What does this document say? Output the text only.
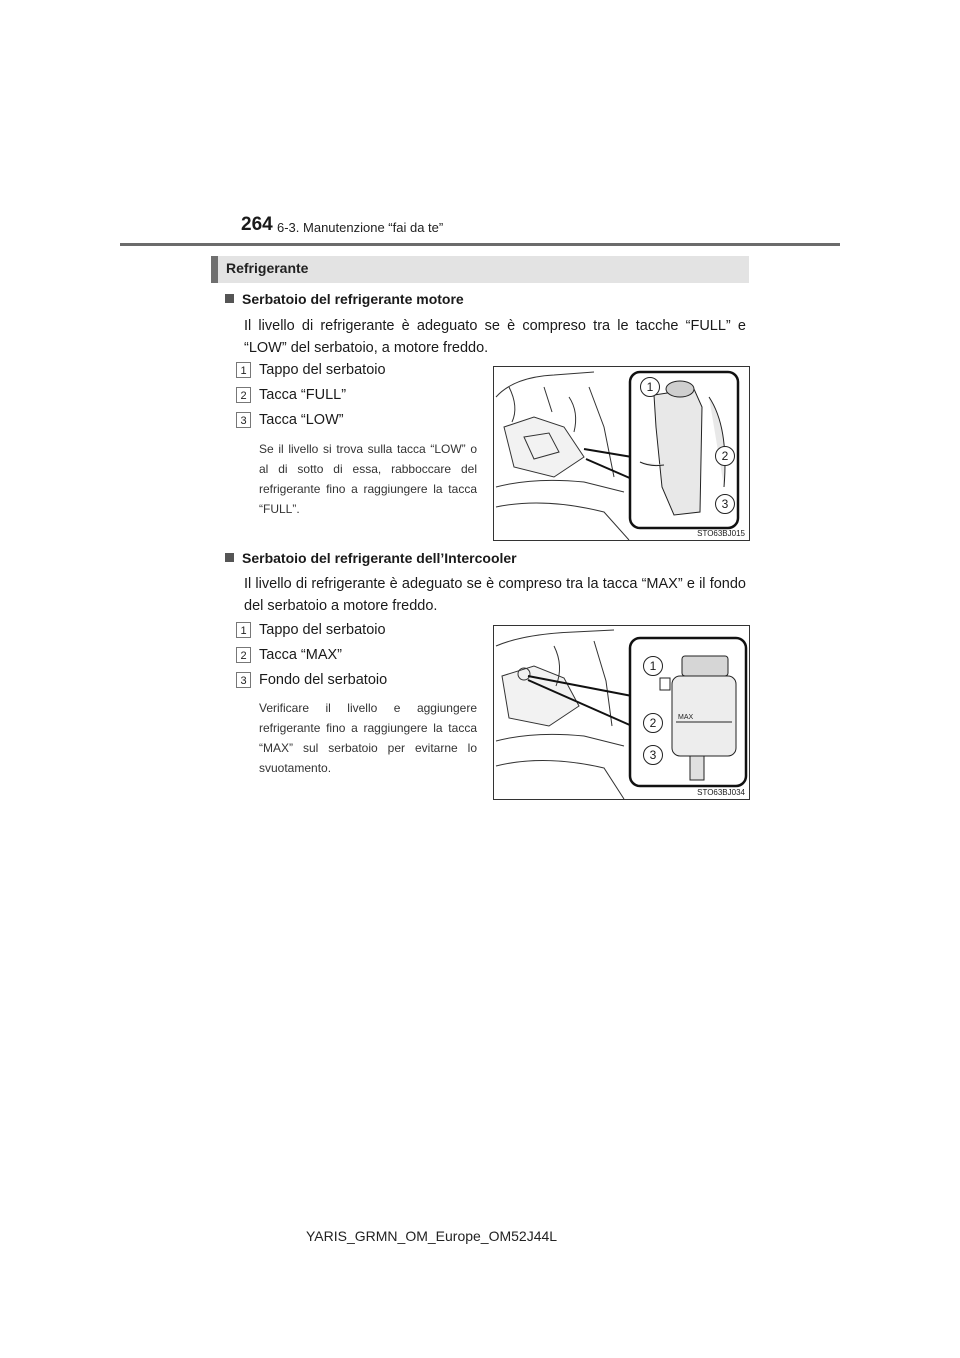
264 6-3. Manutenzione “fai da te”
Refrigerante
Serbatoio del refrigerante motore
Il livello di refrigerante è adeguato se è compreso tra le tacche “FULL” e “LOW” del serbatoio, a motore freddo.
1 Tappo del serbatoio
2 Tacca “FULL”
3 Tacca “LOW”
Se il livello si trova sulla tacca “LOW” o al di sotto di essa, rabboccare del refrigerante fino a raggiungere la tacca “FULL”.
1
2
3
STO63BJ015
Serbatoio del refrigerante dell’Intercooler
Il livello di refrigerante è adeguato se è compreso tra la tacca “MAX” e il fondo del serbatoio a motore freddo.
1 Tappo del serbatoio
2 Tacca “MAX”
3 Fondo del serbatoio
Verificare il livello e aggiungere refrigerante fino a raggiungere la tacca “MAX” sul serbatoio per evitarne lo svuotamento.
MAX
1
2
3
STO63BJ034
YARIS_GRMN_OM_Europe_OM52J44L
